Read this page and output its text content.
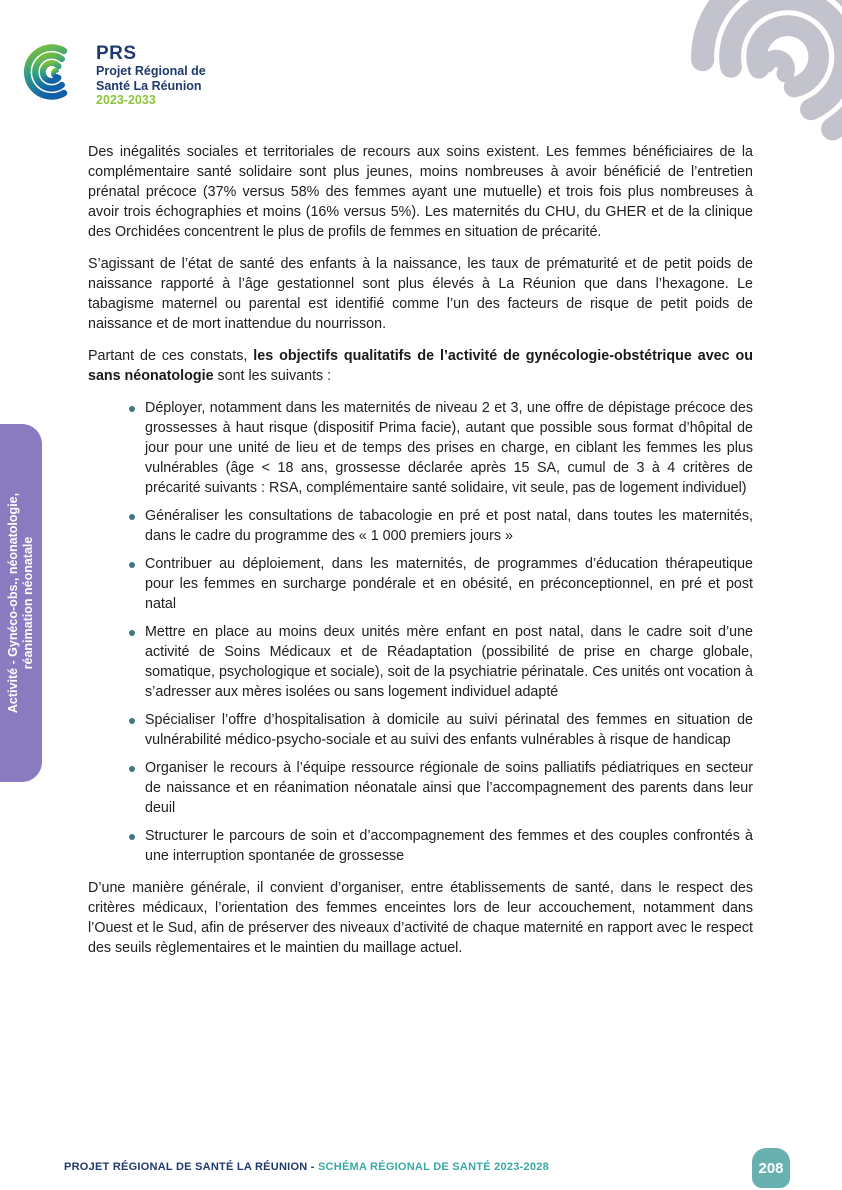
PRS
Projet Régional de
Santé La Réunion
2023-2033
Activité - Gynéco-obs., néonatologie, réanimation néonatale

Des inégalités sociales et territoriales de recours aux soins existent. Les femmes bénéficiaires de la complémentaire santé solidaire sont plus jeunes, moins nombreuses à avoir bénéficié de l’entretien prénatal précoce (37% versus 58% des femmes ayant une mutuelle) et trois fois plus nombreuses à avoir trois échographies et moins (16% versus 5%). Les maternités du CHU, du GHER et de la clinique des Orchidées concentrent le plus de profils de femmes en situation de précarité.

S’agissant de l’état de santé des enfants à la naissance, les taux de prématurité et de petit poids de naissance rapporté à l’âge gestationnel sont plus élevés à La Réunion que dans l’hexagone. Le tabagisme maternel ou parental est identifié comme l’un des facteurs de risque de petit poids de naissance et de mort inattendue du nourrisson.

Partant de ces constats, les objectifs qualitatifs de l’activité de gynécologie-obstétrique avec ou sans néonatologie sont les suivants :

Déployer, notamment dans les maternités de niveau 2 et 3, une offre de dépistage précoce des grossesses à haut risque (dispositif Prima facie), autant que possible sous format d’hôpital de jour pour une unité de lieu et de temps des prises en charge, en ciblant les femmes les plus vulnérables (âge < 18 ans, grossesse déclarée après 15 SA, cumul de 3 à 4 critères de précarité suivants : RSA, complémentaire santé solidaire, vit seule, pas de logement individuel)
Généraliser les consultations de tabacologie en pré et post natal, dans toutes les maternités, dans le cadre du programme des « 1 000 premiers jours »
Contribuer au déploiement, dans les maternités, de programmes d’éducation thérapeutique pour les femmes en surcharge pondérale et en obésité, en préconceptionnel, en pré et post natal
Mettre en place au moins deux unités mère enfant en post natal, dans le cadre soit d’une activité de Soins Médicaux et de Réadaptation (possibilité de prise en charge globale, somatique, psychologique et sociale), soit de la psychiatrie périnatale. Ces unités ont vocation à s’adresser aux mères isolées ou sans logement individuel adapté
Spécialiser l’offre d’hospitalisation à domicile au suivi périnatal des femmes en situation de vulnérabilité médico-psycho-sociale et au suivi des enfants vulnérables à risque de handicap
Organiser le recours à l’équipe ressource régionale de soins palliatifs pédiatriques en secteur de naissance et en réanimation néonatale ainsi que l’accompagnement des parents dans leur deuil
Structurer le parcours de soin et d’accompagnement des femmes et des couples confrontés à une interruption spontanée de grossesse

D’une manière générale, il convient d’organiser, entre établissements de santé, dans le respect des critères médicaux, l’orientation des femmes enceintes lors de leur accouchement, notamment dans l’Ouest et le Sud, afin de préserver des niveaux d’activité de chaque maternité en rapport avec le respect des seuils règlementaires et le maintien du maillage actuel.

PROJET RÉGIONAL DE SANTÉ LA RÉUNION - SCHÉMA RÉGIONAL DE SANTÉ 2023-2028	208
